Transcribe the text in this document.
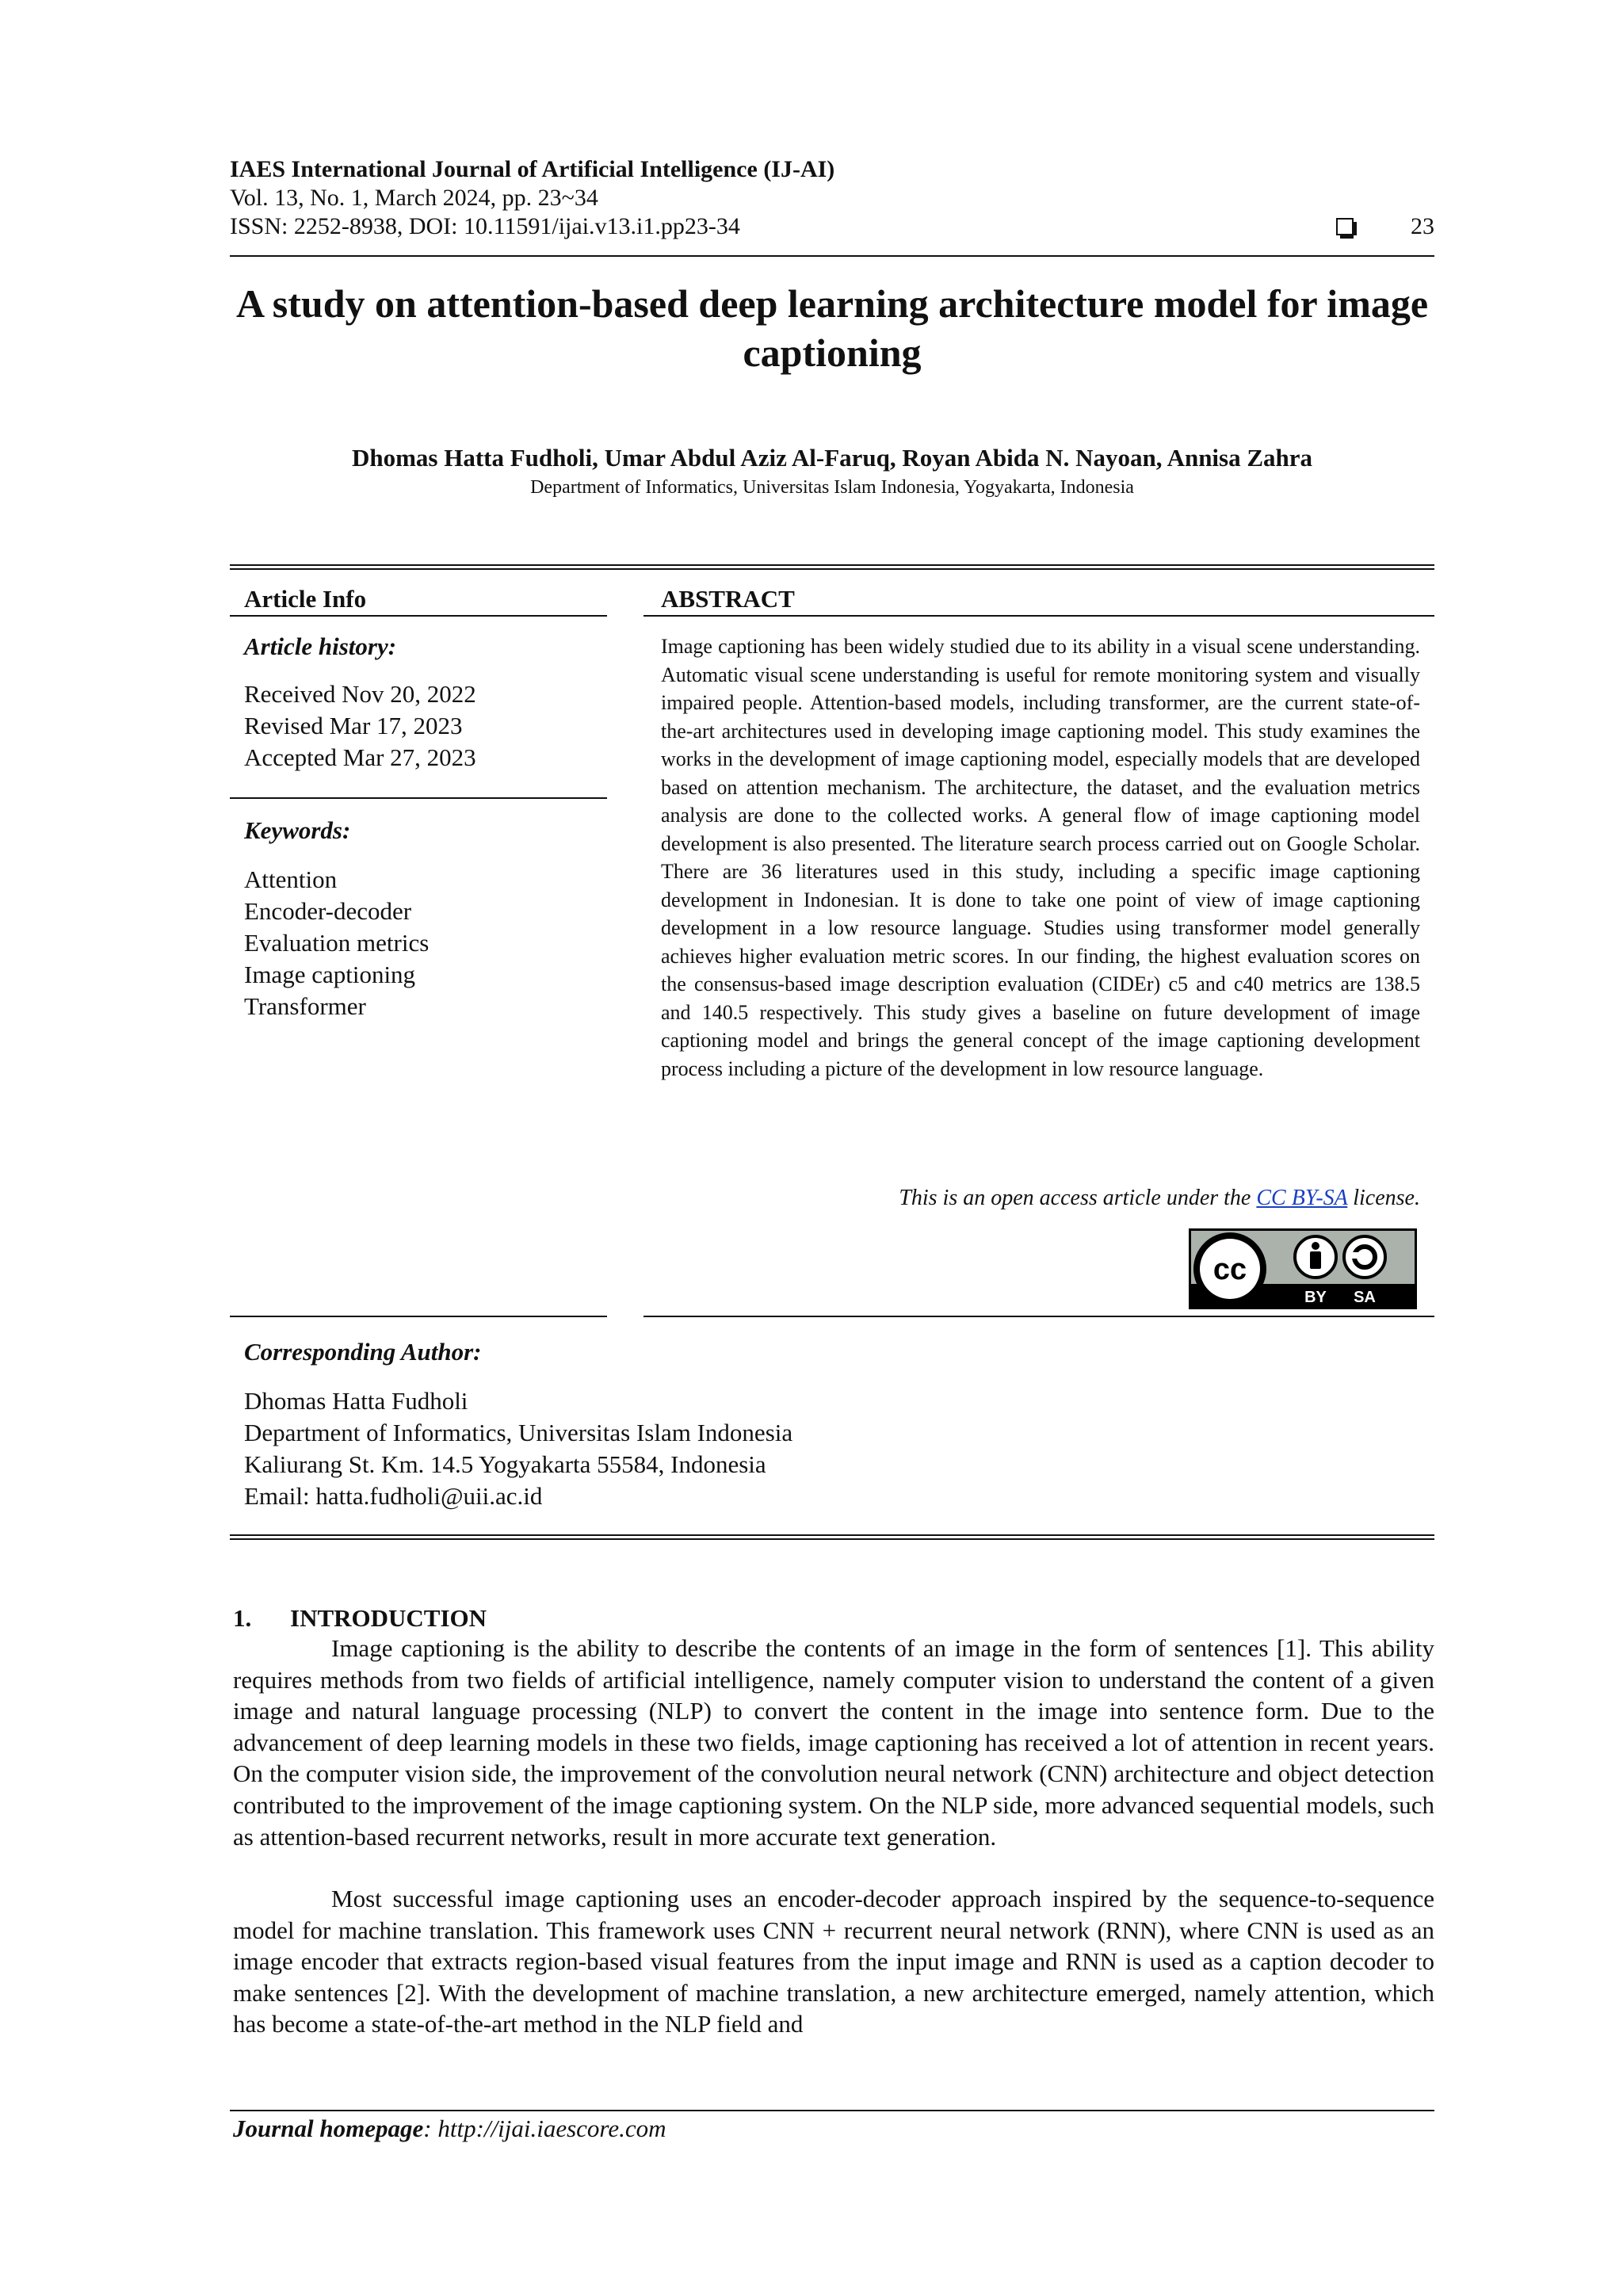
IAES International Journal of Artificial Intelligence (IJ-AI)
Vol. 13, No. 1, March 2024, pp. 23~34
ISSN: 2252-8938, DOI: 10.11591/ijai.v13.i1.pp23-34	23
A study on attention-based deep learning architecture model for image captioning
Dhomas Hatta Fudholi, Umar Abdul Aziz Al-Faruq, Royan Abida N. Nayoan, Annisa Zahra
Department of Informatics, Universitas Islam Indonesia, Yogyakarta, Indonesia
Article Info
Article history:
Received Nov 20, 2022
Revised Mar 17, 2023
Accepted Mar 27, 2023
Keywords:
Attention
Encoder-decoder
Evaluation metrics
Image captioning
Transformer
ABSTRACT
Image captioning has been widely studied due to its ability in a visual scene understanding. Automatic visual scene understanding is useful for remote monitoring system and visually impaired people. Attention-based models, including transformer, are the current state-of-the-art architectures used in developing image captioning model. This study examines the works in the development of image captioning model, especially models that are developed based on attention mechanism. The architecture, the dataset, and the evaluation metrics analysis are done to the collected works. A general flow of image captioning model development is also presented. The literature search process carried out on Google Scholar. There are 36 literatures used in this study, including a specific image captioning development in Indonesian. It is done to take one point of view of image captioning development in a low resource language. Studies using transformer model generally achieves higher evaluation metric scores. In our finding, the highest evaluation scores on the consensus-based image description evaluation (CIDEr) c5 and c40 metrics are 138.5 and 140.5 respectively. This study gives a baseline on future development of image captioning model and brings the general concept of the image captioning development process including a picture of the development in low resource language.
This is an open access article under the CC BY-SA license.
cc
BY SA
Corresponding Author:
Dhomas Hatta Fudholi
Department of Informatics, Universitas Islam Indonesia
Kaliurang St. Km. 14.5 Yogyakarta 55584, Indonesia
Email: hatta.fudholi@uii.ac.id
1. INTRODUCTION
Image captioning is the ability to describe the contents of an image in the form of sentences [1]. This ability requires methods from two fields of artificial intelligence, namely computer vision to understand the content of a given image and natural language processing (NLP) to convert the content in the image into sentence form. Due to the advancement of deep learning models in these two fields, image captioning has received a lot of attention in recent years. On the computer vision side, the improvement of the convolution neural network (CNN) architecture and object detection contributed to the improvement of the image captioning system. On the NLP side, more advanced sequential models, such as attention-based recurrent networks, result in more accurate text generation.
Most successful image captioning uses an encoder-decoder approach inspired by the sequence-to-sequence model for machine translation. This framework uses CNN + recurrent neural network (RNN), where CNN is used as an image encoder that extracts region-based visual features from the input image and RNN is used as a caption decoder to make sentences [2]. With the development of machine translation, a new architecture emerged, namely attention, which has become a state-of-the-art method in the NLP field and
Journal homepage: http://ijai.iaescore.com
